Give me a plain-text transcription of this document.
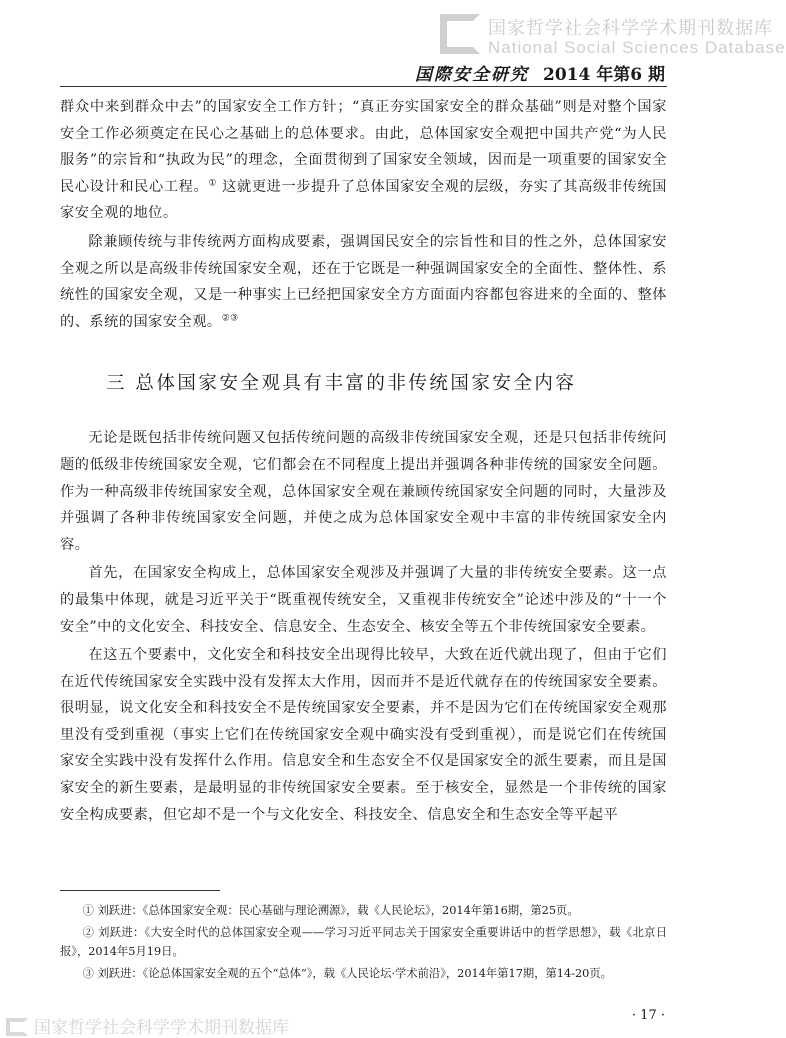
国家哲学社会科学学术期刊数据库
National Social Sciences Database
国際安全研究 2014 年第6 期

群众中来到群众中去”的国家安全工作方针；“真正夯实国家安全的群众基础”则是对整个国家安全工作必须奠定在民心之基础上的总体要求。由此，总体国家安全观把中国共产党“为人民服务”的宗旨和“执政为民”的理念，全面贯彻到了国家安全领域，因而是一项重要的国家安全民心设计和民心工程。① 这就更进一步提升了总体国家安全观的层级，夯实了其高级非传统国家安全观的地位。

除兼顾传统与非传统两方面构成要素，强调国民安全的宗旨性和目的性之外，总体国家安全观之所以是高级非传统国家安全观，还在于它既是一种强调国家安全的全面性、整体性、系统性的国家安全观，又是一种事实上已经把国家安全方方面面内容都包容进来的全面的、整体的、系统的国家安全观。②③

三 总体国家安全观具有丰富的非传统国家安全内容

无论是既包括非传统问题又包括传统问题的高级非传统国家安全观，还是只包括非传统问题的低级非传统国家安全观，它们都会在不同程度上提出并强调各种非传统的国家安全问题。作为一种高级非传统国家安全观，总体国家安全观在兼顾传统国家安全问题的同时，大量涉及并强调了各种非传统国家安全问题，并使之成为总体国家安全观中丰富的非传统国家安全内容。

首先，在国家安全构成上，总体国家安全观涉及并强调了大量的非传统安全要素。这一点的最集中体现，就是习近平关于“既重视传统安全，又重视非传统安全”论述中涉及的“十一个安全”中的文化安全、科技安全、信息安全、生态安全、核安全等五个非传统国家安全要素。

在这五个要素中，文化安全和科技安全出现得比较早，大致在近代就出现了，但由于它们在近代传统国家安全实践中没有发挥太大作用，因而并不是近代就存在的传统国家安全要素。很明显，说文化安全和科技安全不是传统国家安全要素，并不是因为它们在传统国家安全观那里没有受到重视（事实上它们在传统国家安全观中确实没有受到重视），而是说它们在传统国家安全实践中没有发挥什么作用。信息安全和生态安全不仅是国家安全的派生要素，而且是国家安全的新生要素，是最明显的非传统国家安全要素。至于核安全，显然是一个非传统的国家安全构成要素，但它却不是一个与文化安全、科技安全、信息安全和生态安全等平起平

① 刘跃进：《总体国家安全观：民心基础与理论溯源》，载《人民论坛》，2014年第16期，第25页。

② 刘跃进：《大安全时代的总体国家安全观——学习习近平同志关于国家安全重要讲话中的哲学思想》，载《北京日报》，2014年5月19日。

③ 刘跃进：《论总体国家安全观的五个“总体”》，载《人民论坛·学术前沿》，2014年第17期，第14-20页。

· 17 ·
国家哲学社会科学学术期刊数据库
